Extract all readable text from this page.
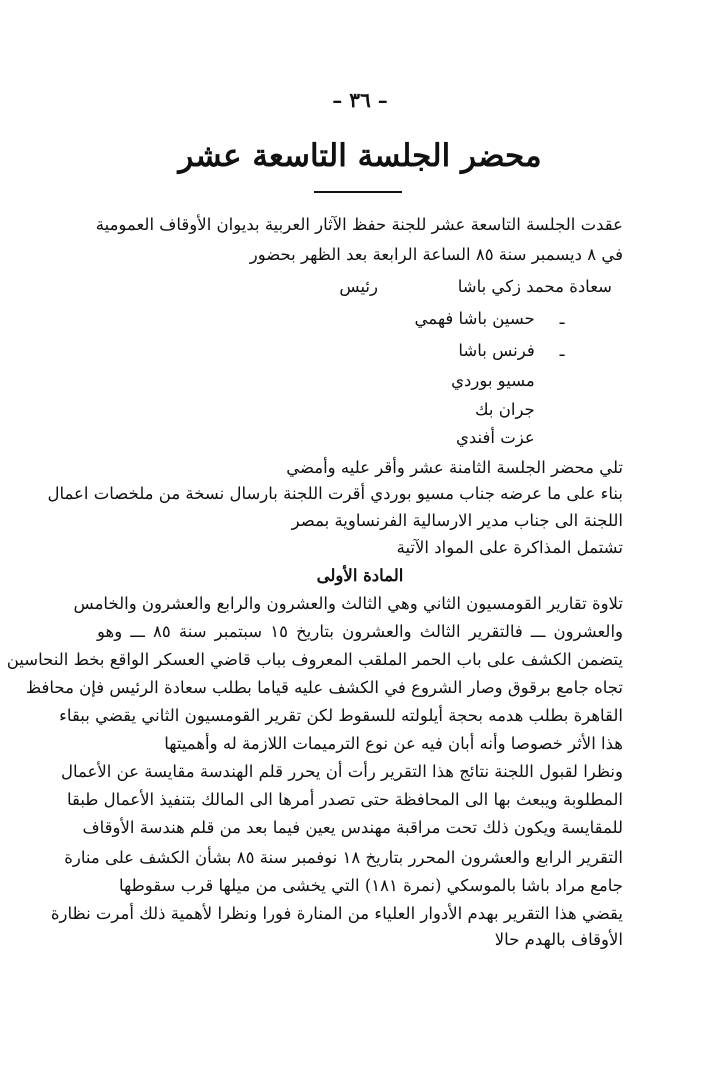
– ٣٦ –
محضر الجلسة التاسعة عشر
عقدت الجلسة التاسعة عشر للجنة حفظ الآثار العربية بديوان الأوقاف العمومية
في ٨ ديسمبر سنة ٨٥ الساعة الرابعة بعد الظهر بحضور
سعادة محمد زكي باشا
رئيس
ـ حسين باشا فهمي
ـ فرنس باشا
مسيو بوردي
جران بك
عزت أفندي
تلي محضر الجلسة الثامنة عشر وأقر عليه وأمضي
بناء على ما عرضه جناب مسيو بوردي أقرت اللجنة بارسال نسخة من ملخصات اعمال
اللجنة الى جناب مدير الارسالية الفرنساوية بمصر
تشتمل المذاكرة على المواد الآتية
المادة الأولى
تلاوة تقارير القومسيون الثاني وهي الثالث والعشرون والرابع والعشرون والخامس
والعشرون ـــ فالتقرير الثالث والعشرون بتاريخ ١٥ سبتمبر سنة ٨٥ ـــ وهو
يتضمن الكشف على باب الحمر الملقب المعروف بباب قاضي العسكر الواقع بخط النحاسين
تجاه جامع برقوق وصار الشروع في الكشف عليه قياما بطلب سعادة الرئيس فإن محافظ
القاهرة بطلب هدمه بحجة أيلولته للسقوط لكن تقرير القومسيون الثاني يقضي ببقاء
هذا الأثر خصوصا وأنه أبان فيه عن نوع الترميمات اللازمة له وأهميتها
ونظرا لقبول اللجنة نتائج هذا التقرير رأت أن يحرر قلم الهندسة مقايسة عن الأعمال
المطلوبة ويبعث بها الى المحافظة حتى تصدر أمرها الى المالك بتنفيذ الأعمال طبقا
للمقايسة ويكون ذلك تحت مراقبة مهندس يعين فيما بعد من قلم هندسة الأوقاف
التقرير الرابع والعشرون المحرر بتاريخ ١٨ نوفمبر سنة ٨٥ بشأن الكشف على منارة
جامع مراد باشا بالموسكي (نمرة ١٨١) التي يخشى من ميلها قرب سقوطها
يقضي هذا التقرير بهدم الأدوار العلياء من المنارة فورا ونظرا لأهمية ذلك أمرت نظارة
الأوقاف بالهدم حالا
